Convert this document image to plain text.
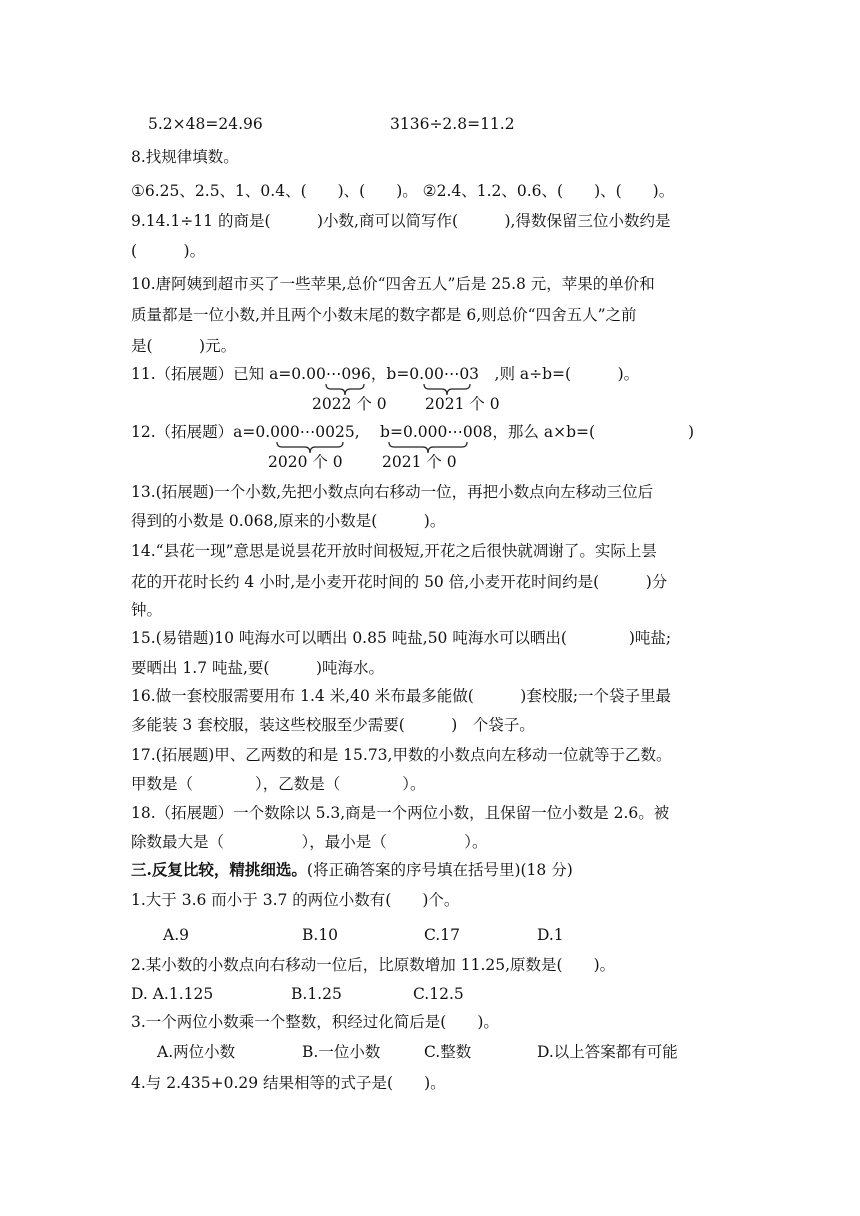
5.2×48=24.96	3136÷2.8=11.2
8.找规律填数。
①6.25、2.5、1、0.4、(　　)、(　　)。 ②2.4、1.2、0.6、(　　)、(　　)。
9.14.1÷11 的商是(　　　)小数,商可以简写作(　　　),得数保留三位小数约是
(　　　)。
10.唐阿姨到超市买了一些苹果,总价“四舍五人”后是 25.8 元，苹果的单价和
质量都是一位小数,并且两个小数末尾的数字都是 6,则总价“四舍五人”之前
是(　　　)元。
11.（拓展题）已知 a=0.00⋯096，b=0.00⋯03　,则 a÷b=(　　　)。
2022 个 0 2021 个 0
12.（拓展题）a=0.000⋯0025,　 b=0.000⋯008，那么 a×b=(　　　　　　)
2020 个 0	2021 个 0
13.(拓展题)一个小数,先把小数点向右移动一位，再把小数点向左移动三位后
得到的小数是 0.068,原来的小数是(　　　)。
14.“县花一现”意思是说昙花开放时间极短,开花之后很快就凋谢了。实际上昙
花的开花时长约 4 小时,是小麦开花时间的 50 倍,小麦开花时间约是(　　　)分
钟。
15.(易错题)10 吨海水可以晒出 0.85 吨盐,50 吨海水可以晒出(　　　　)吨盐;
要晒出 1.7 吨盐,要(　　　)吨海水。
16.做一套校服需要用布 1.4 米,40 米布最多能做(　　　)套校服;一个袋子里最
多能装 3 套校服，装这些校服至少需要(　　　)　个袋子。
17.(拓展题)甲、乙两数的和是 15.73,甲数的小数点向左移动一位就等于乙数。
甲数是（　　　　），乙数是（　　　　）。
18.（拓展题）一个数除以 5.3,商是一个两位小数，且保留一位小数是 2.6。被
除数最大是（　　　　　），最小是（　　　　　）。
三.反复比较，精挑细选。(将正确答案的序号填在括号里)(18 分)
1.大于 3.6 而小于 3.7 的两位小数有(　　)个。
A.9	B.10	C.17	D.1
2.某小数的小数点向右移动一位后，比原数增加 11.25,原数是(　　)。
D. A.1.125	B.1.25	C.12.5
3.一个两位小数乘一个整数，积经过化简后是(　　)。
A.两位小数	B.一位小数	C.整数	D.以上答案都有可能
4.与 2.435+0.29 结果相等的式子是(　　)。
